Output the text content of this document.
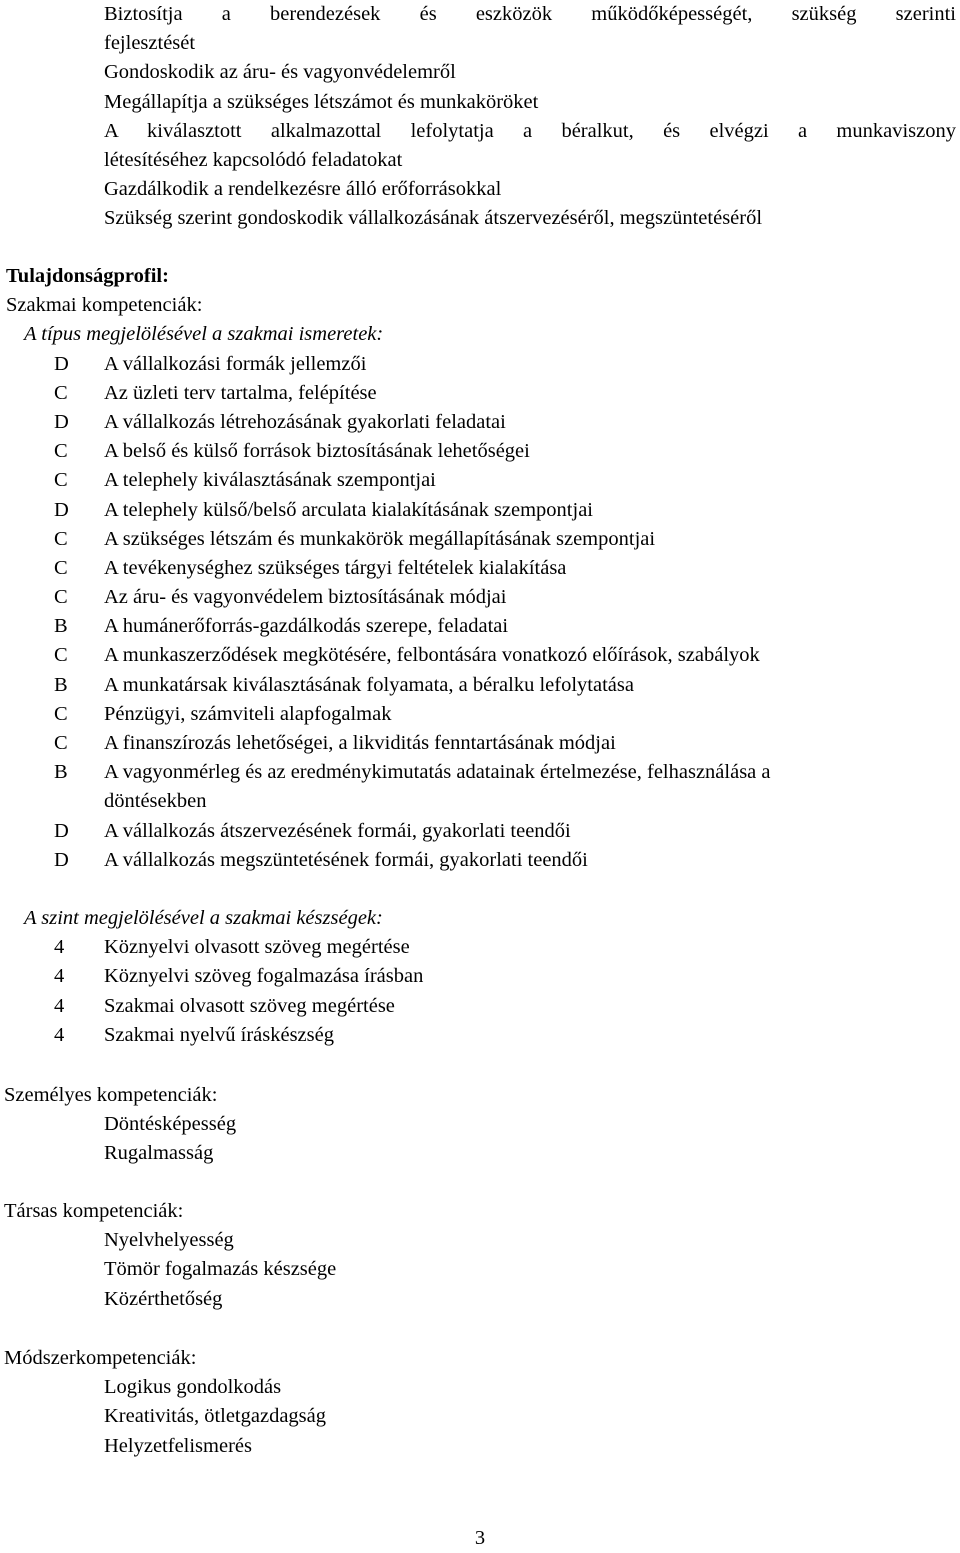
Biztosítja a berendezések és eszközök működőképességét, szükség szerinti
fejlesztését
Gondoskodik az áru- és vagyonvédelemről
Megállapítja a szükséges létszámot és munkaköröket
A kiválasztott alkalmazottal lefolytatja a béralkut, és elvégzi a munkaviszony
létesítéséhez kapcsolódó feladatokat
Gazdálkodik a rendelkezésre álló erőforrásokkal
Szükség szerint gondoskodik vállalkozásának átszervezéséről, megszüntetéséről
Tulajdonságprofil:
Szakmai kompetenciák:
A típus megjelölésével a szakmai ismeretek:
D	A vállalkozási formák jellemzői
C	Az üzleti terv tartalma, felépítése
D	A vállalkozás létrehozásának gyakorlati feladatai
C	A belső és külső források biztosításának lehetőségei
C	A telephely kiválasztásának szempontjai
D	A telephely külső/belső arculata kialakításának szempontjai
C	A szükséges létszám és munkakörök megállapításának szempontjai
C	A tevékenységhez szükséges tárgyi feltételek kialakítása
C	Az áru- és vagyonvédelem biztosításának módjai
B	A humánerőforrás-gazdálkodás szerepe, feladatai
C	A munkaszerződések megkötésére, felbontására vonatkozó előírások, szabályok
B	A munkatársak kiválasztásának folyamata, a béralku lefolytatása
C	Pénzügyi, számviteli alapfogalmak
C	A finanszírozás lehetőségei, a likviditás fenntartásának módjai
B	A vagyonmérleg és az eredménykimutatás adatainak értelmezése, felhasználása a
döntésekben
D	A vállalkozás átszervezésének formái, gyakorlati teendői
D	A vállalkozás megszüntetésének formái, gyakorlati teendői
A szint megjelölésével a szakmai készségek:
4	Köznyelvi olvasott szöveg megértése
4	Köznyelvi szöveg fogalmazása írásban
4	Szakmai olvasott szöveg megértése
4	Szakmai nyelvű íráskészség
Személyes kompetenciák:
Döntésképesség
Rugalmasság
Társas kompetenciák:
Nyelvhelyesség
Tömör fogalmazás készsége
Közérthetőség
Módszerkompetenciák:
Logikus gondolkodás
Kreativitás, ötletgazdagság
Helyzetfelismerés
3
